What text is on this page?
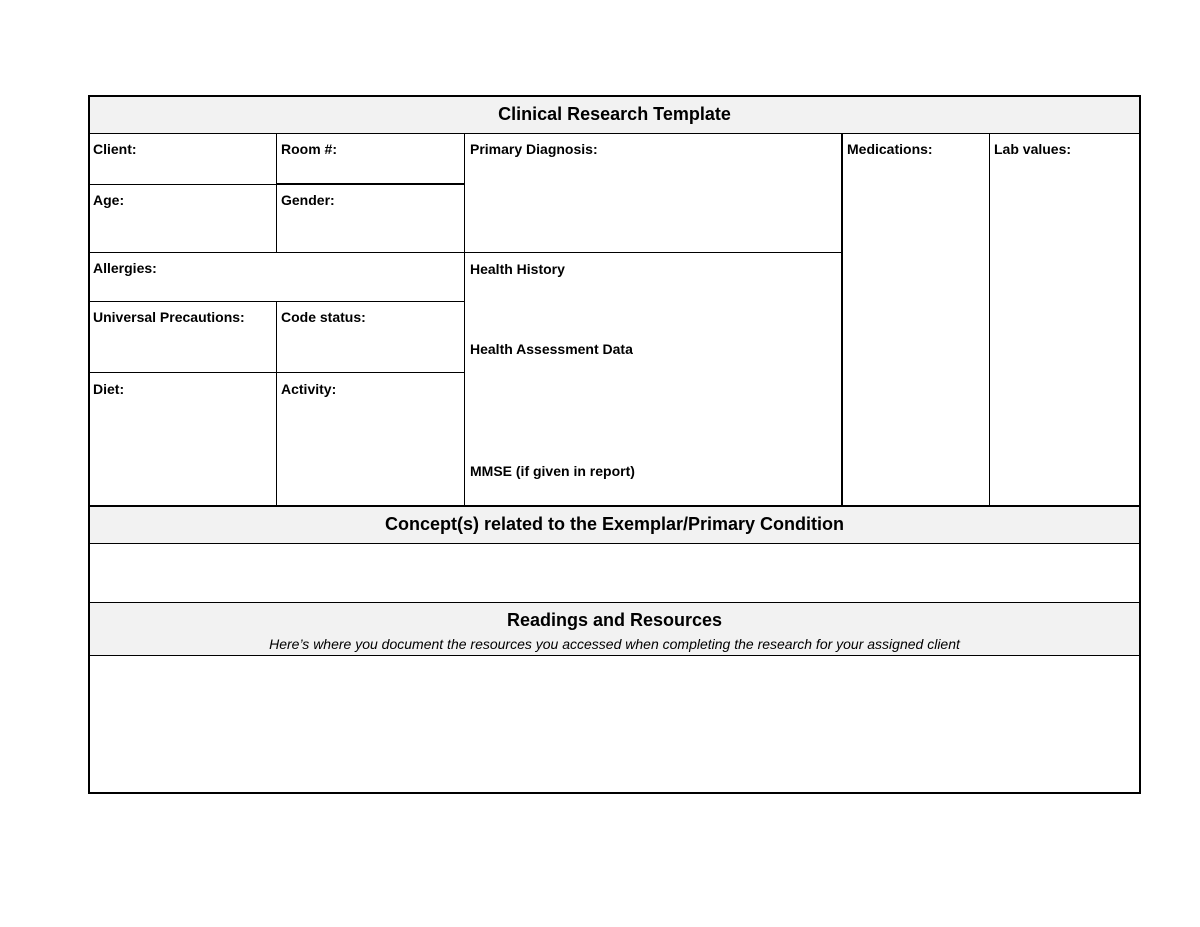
Clinical Research Template
Concept(s) related to the Exemplar/Primary Condition
Readings and Resources
Here’s where you document the resources you accessed when completing the research for your assigned client
Client:	Room #:	Primary Diagnosis:	Medications:	Lab values:
Age:	Gender:
Allergies:	Health History
Universal Precautions:	Code status:
Health Assessment Data
Diet:	Activity:
MMSE (if given in report)
